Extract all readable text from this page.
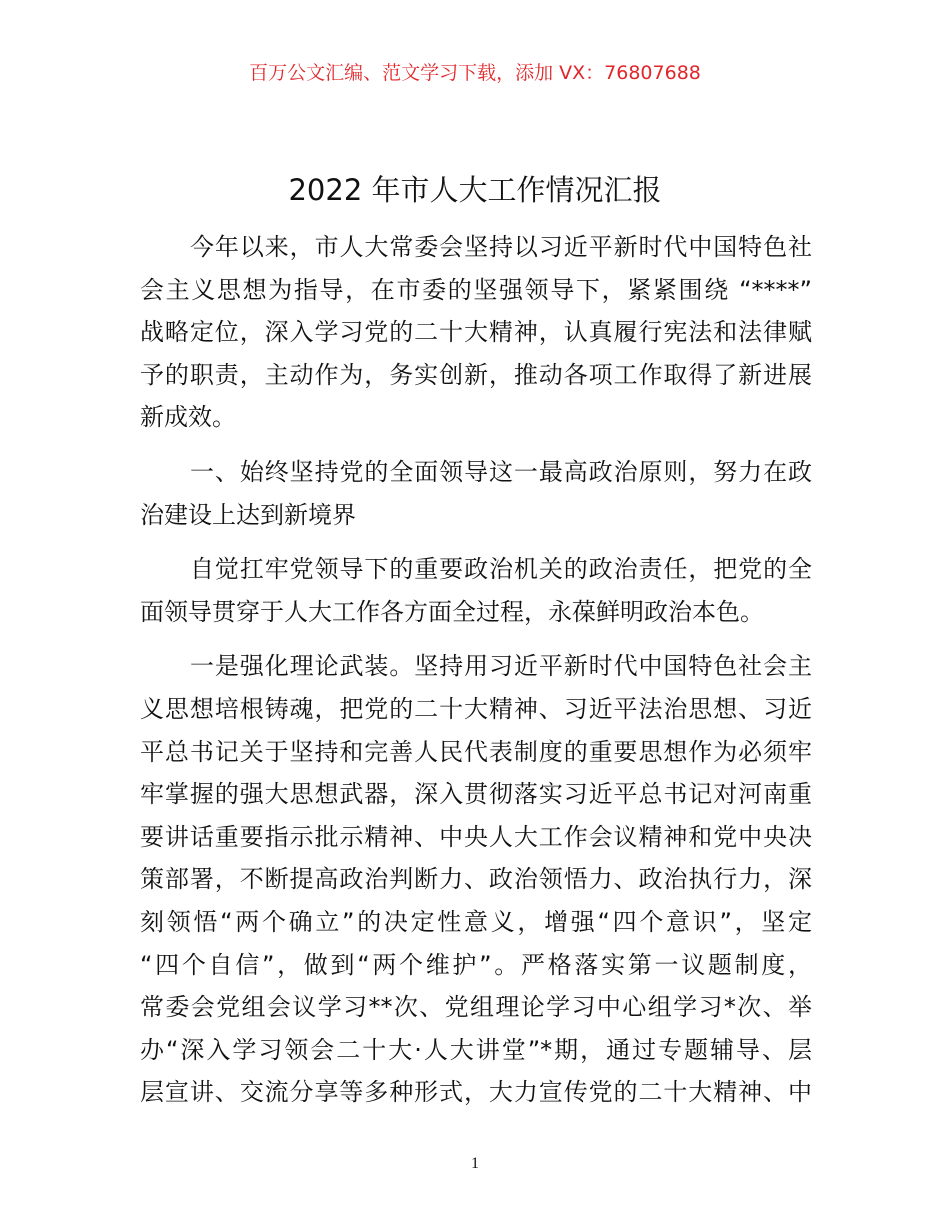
百万公文汇编、范文学习下载，添加 VX：76807688
2022 年市人大工作情况汇报
今年以来，市人大常委会坚持以习近平新时代中国特色社
会主义思想为指导，在市委的坚强领导下，紧紧围绕 “****”
战略定位，深入学习党的二十大精神，认真履行宪法和法律赋
予的职责，主动作为，务实创新，推动各项工作取得了新进展
新成效。
一、始终坚持党的全面领导这一最高政治原则，努力在政
治建设上达到新境界
自觉扛牢党领导下的重要政治机关的政治责任，把党的全
面领导贯穿于人大工作各方面全过程，永葆鲜明政治本色。
一是强化理论武装。坚持用习近平新时代中国特色社会主
义思想培根铸魂，把党的二十大精神、习近平法治思想、习近
平总书记关于坚持和完善人民代表制度的重要思想作为必须牢
牢掌握的强大思想武器，深入贯彻落实习近平总书记对河南重
要讲话重要指示批示精神、中央人大工作会议精神和党中央决
策部署，不断提高政治判断力、政治领悟力、政治执行力，深
刻领悟“两个确立”的决定性意义，增强“四个意识”，坚定
“四个自信”，做到“两个维护”。严格落实第一议题制度，
常委会党组会议学习**次、党组理论学习中心组学习*次、举
办“深入学习领会二十大·人大讲堂”*期，通过专题辅导、层
层宣讲、交流分享等多种形式，大力宣传党的二十大精神、中
1
